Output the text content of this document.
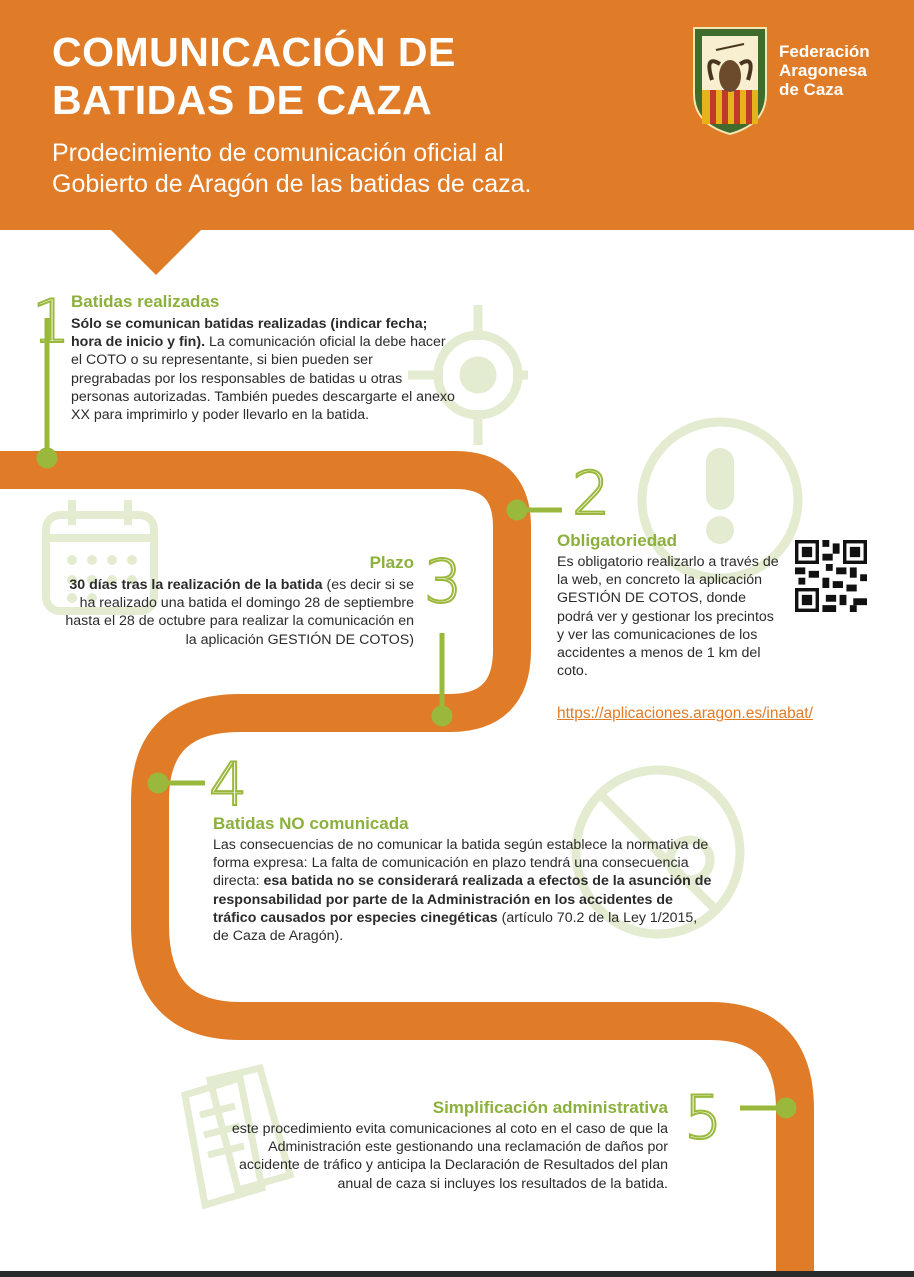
COMUNICACIÓN DE
BATIDAS DE CAZA
Prodecimiento de comunicación oficial al
Gobierto de Aragón de las batidas de caza.
Federación
Aragonesa
de Caza
1 Batidas realizadas
Sólo se comunican batidas realizadas (indicar fecha; hora de inicio y fin). La comunicación oficial la debe hacer el COTO o su representante, si bien pueden ser pregrabadas por los responsables de batidas u otras personas autorizadas. También puedes descargarte el anexo XX para imprimirlo y poder llevarlo en la batida.
2
Obligatoriedad
Es obligatorio realizarlo a través de la web, en concreto la aplicación GESTIÓN DE COTOS, donde podrá ver y gestionar los precintos y ver las comunicaciones de los accidentes a menos de 1 km del coto.
https://aplicaciones.aragon.es/inabat/
3
Plazo
30 días tras la realización de la batida (es decir si se ha realizado una batida el domingo 28 de septiembre hasta el 28 de octubre para realizar la comunicación en la aplicación GESTIÓN DE COTOS)
4
Batidas NO comunicada
Las consecuencias de no comunicar la batida según establece la normativa de forma expresa: La falta de comunicación en plazo tendrá una consecuencia directa: esa batida no se considerará realizada a efectos de la asunción de responsabilidad por parte de la Administración en los accidentes de tráfico causados por especies cinegéticas (artículo 70.2 de la Ley 1/2015, de Caza de Aragón).
5
Simplificación administrativa
este procedimiento evita comunicaciones al coto en el caso de que la Administración este gestionando una reclamación de daños por accidente de tráfico y anticipa la Declaración de Resultados del plan anual de caza si incluyes los resultados de la batida.
